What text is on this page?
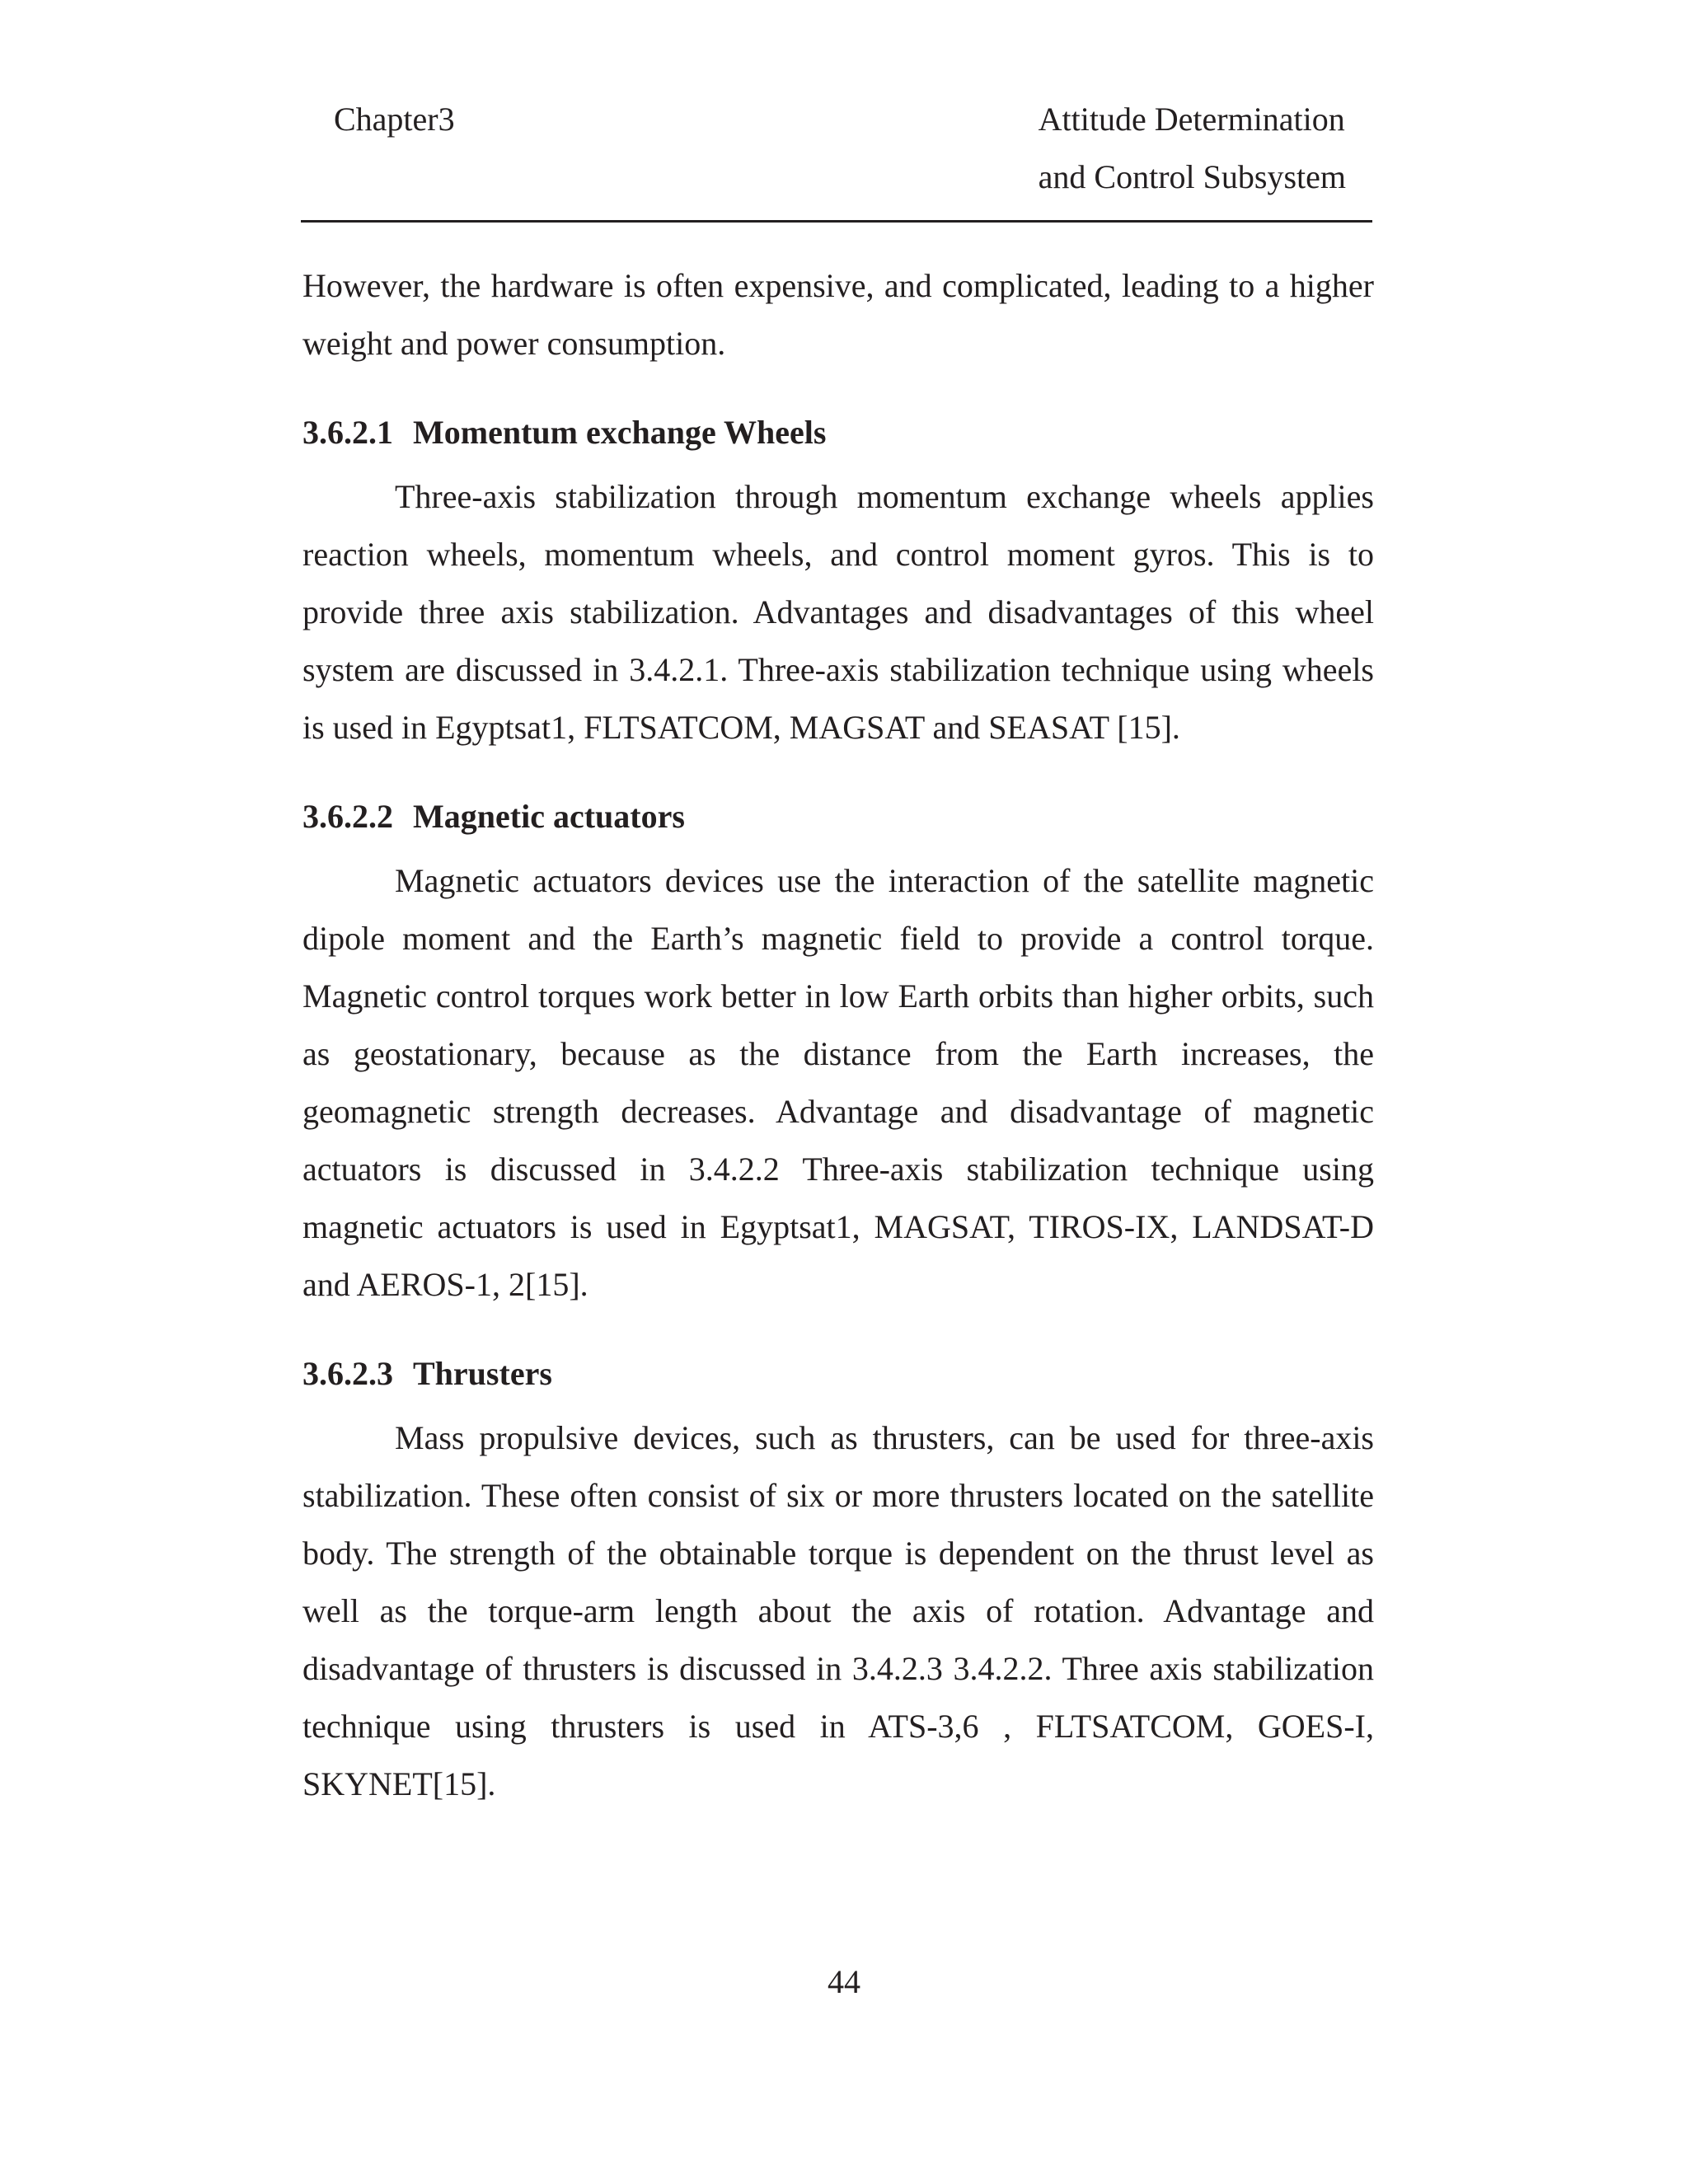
Chapter3	Attitude Determination
and Control Subsystem

However, the hardware is often expensive, and complicated, leading to a higher weight and power consumption.

3.6.2.1 Momentum exchange Wheels

Three-axis stabilization through momentum exchange wheels applies reaction wheels, momentum wheels, and control moment gyros. This is to provide three axis stabilization. Advantages and disadvantages of this wheel system are discussed in 3.4.2.1. Three-axis stabilization technique using wheels is used in Egyptsat1, FLTSATCOM, MAGSAT and SEASAT [15].

3.6.2.2 Magnetic actuators

Magnetic actuators devices use the interaction of the satellite magnetic dipole moment and the Earth’s magnetic field to provide a control torque. Magnetic control torques work better in low Earth orbits than higher orbits, such as geostationary, because as the distance from the Earth increases, the geomagnetic strength decreases. Advantage and disadvantage of magnetic actuators is discussed in 3.4.2.2 Three-axis stabilization technique using magnetic actuators is used in Egyptsat1, MAGSAT, TIROS-IX, LANDSAT-D and AEROS-1, 2[15].

3.6.2.3 Thrusters

Mass propulsive devices, such as thrusters, can be used for three-axis stabilization. These often consist of six or more thrusters located on the satellite body. The strength of the obtainable torque is dependent on the thrust level as well as the torque-arm length about the axis of rotation. Advantage and disadvantage of thrusters is discussed in 3.4.2.3 3.4.2.2. Three axis stabilization technique using thrusters is used in ATS-3,6 , FLTSATCOM, GOES-I, SKYNET[15].

44
